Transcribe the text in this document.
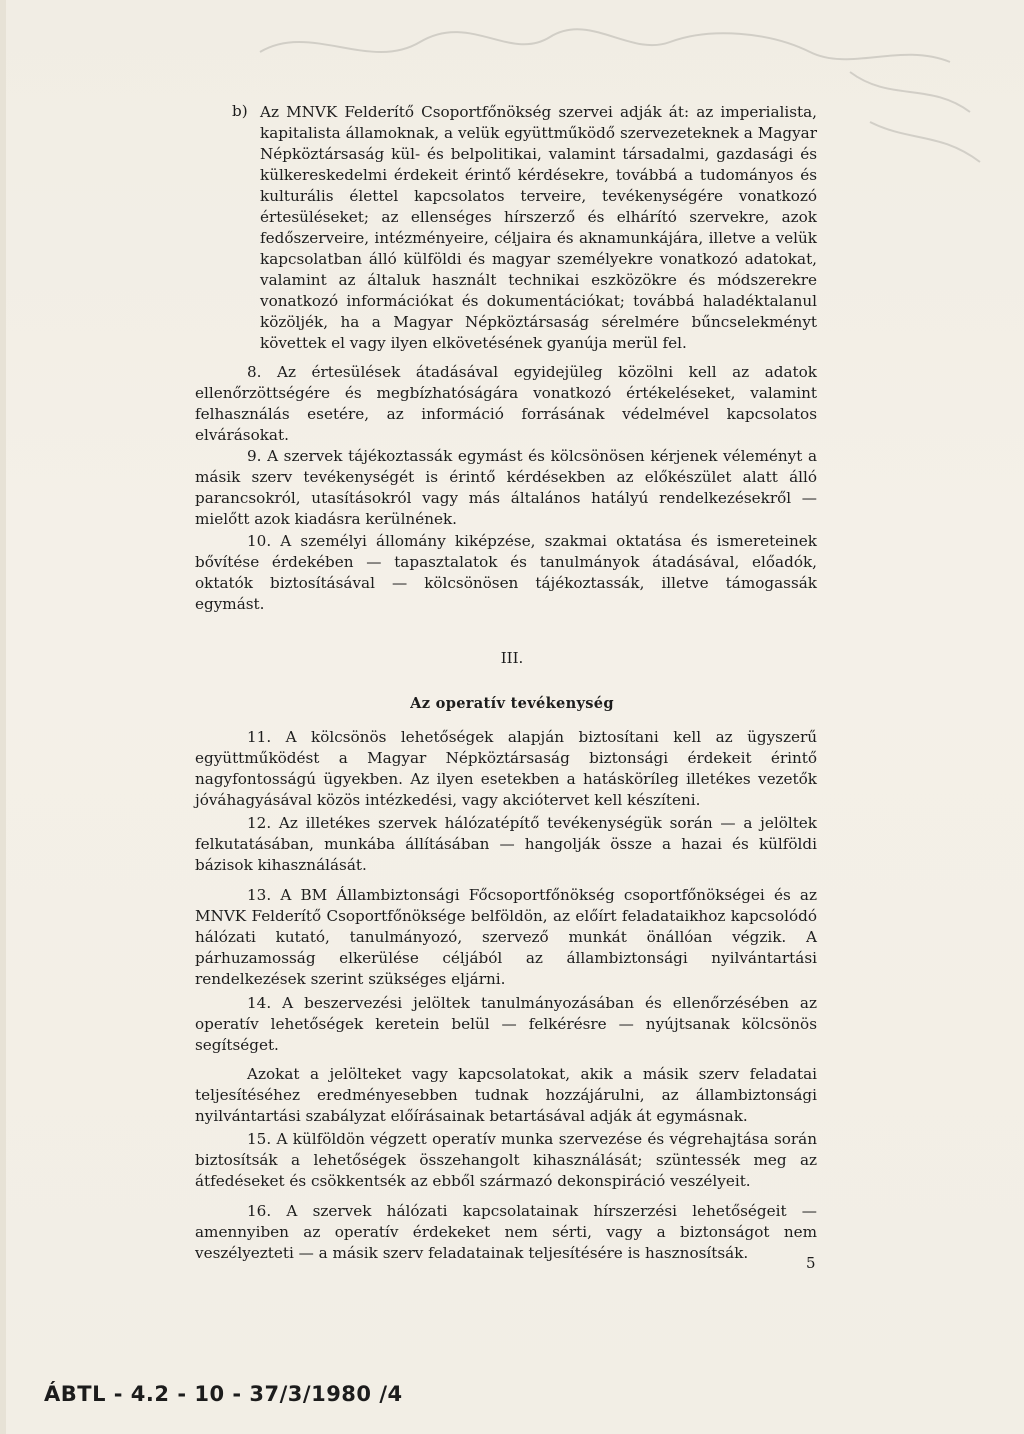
b) Az MNVK Felderítő Csoportfőnökség szervei adják át: az imperialista, kapitalista államoknak, a velük együttműködő szervezeteknek a Magyar Népköztársaság kül- és belpolitikai, valamint társadalmi, gazdasági és külkereskedelmi érdekeit érintő kérdésekre, továbbá a tudományos és kulturális élettel kapcsolatos terveire, tevékenységére vonatkozó értesüléseket; az ellenséges hírszerző és elhárító szervekre, azok fedőszerveire, intézményeire, céljaira és aknamunkájára, illetve a velük kapcsolatban álló külföldi és magyar személyekre vonatkozó adatokat, valamint az általuk használt technikai eszközökre és módszerekre vonatkozó információkat és dokumentációkat; továbbá haladéktalanul közöljék, ha a Magyar Népköztársaság sérelmére bűncselekményt követtek el vagy ilyen elkövetésének gyanúja merül fel.

8. Az értesülések átadásával egyidejüleg közölni kell az adatok ellenőrzöttségére és megbízhatóságára vonatkozó értékeléseket, valamint felhasználás esetére, az információ forrásának védelmével kapcsolatos elvárásokat.

9. A szervek tájékoztassák egymást és kölcsönösen kérjenek véleményt a másik szerv tevékenységét is érintő kérdésekben az előkészület alatt álló parancsokról, utasításokról vagy más általános hatályú rendelkezésekről — mielőtt azok kiadásra kerülnének.

10. A személyi állomány kiképzése, szakmai oktatása és ismereteinek bővítése érdekében — tapasztalatok és tanulmányok átadásával, előadók, oktatók biztosításával — kölcsönösen tájékoztassák, illetve támogassák egymást.

III.
Az operatív tevékenység

11. A kölcsönös lehetőségek alapján biztosítani kell az ügyszerű együttműködést a Magyar Népköztársaság biztonsági érdekeit érintő nagyfontosságú ügyekben. Az ilyen esetekben a hatásköríleg illetékes vezetők jóváhagyásával közös intézkedési, vagy akciótervet kell készíteni.

12. Az illetékes szervek hálózatépítő tevékenységük során — a jelöltek felkutatásában, munkába állításában — hangolják össze a hazai és külföldi bázisok kihasználását.

13. A BM Állambiztonsági Főcsoportfőnökség csoportfőnökségei és az MNVK Felderítő Csoportfőnöksége belföldön, az előírt feladataikhoz kapcsolódó hálózati kutató, tanulmányozó, szervező munkát önállóan végzik. A párhuzamosság elkerülése céljából az állambiztonsági nyilvántartási rendelkezések szerint szükséges eljárni.

14. A beszervezési jelöltek tanulmányozásában és ellenőrzésében az operatív lehetőségek keretein belül — felkérésre — nyújtsanak kölcsönös segítséget.

Azokat a jelölteket vagy kapcsolatokat, akik a másik szerv feladatai teljesítéséhez eredményesebben tudnak hozzájárulni, az állambiztonsági nyilvántartási szabályzat előírásainak betartásával adják át egymásnak.

15. A külföldön végzett operatív munka szervezése és végrehajtása során biztosítsák a lehetőségek összehangolt kihasználását; szüntessék meg az átfedéseket és csökkentsék az ebből származó dekonspiráció veszélyeit.

16. A szervek hálózati kapcsolatainak hírszerzési lehetőségeit — amennyiben az operatív érdekeket nem sérti, vagy a biztonságot nem veszélyezteti — a másik szerv feladatainak teljesítésére is hasznosítsák.

5
ÁBTL - 4.2 - 10 - 37/3/1980 /4
